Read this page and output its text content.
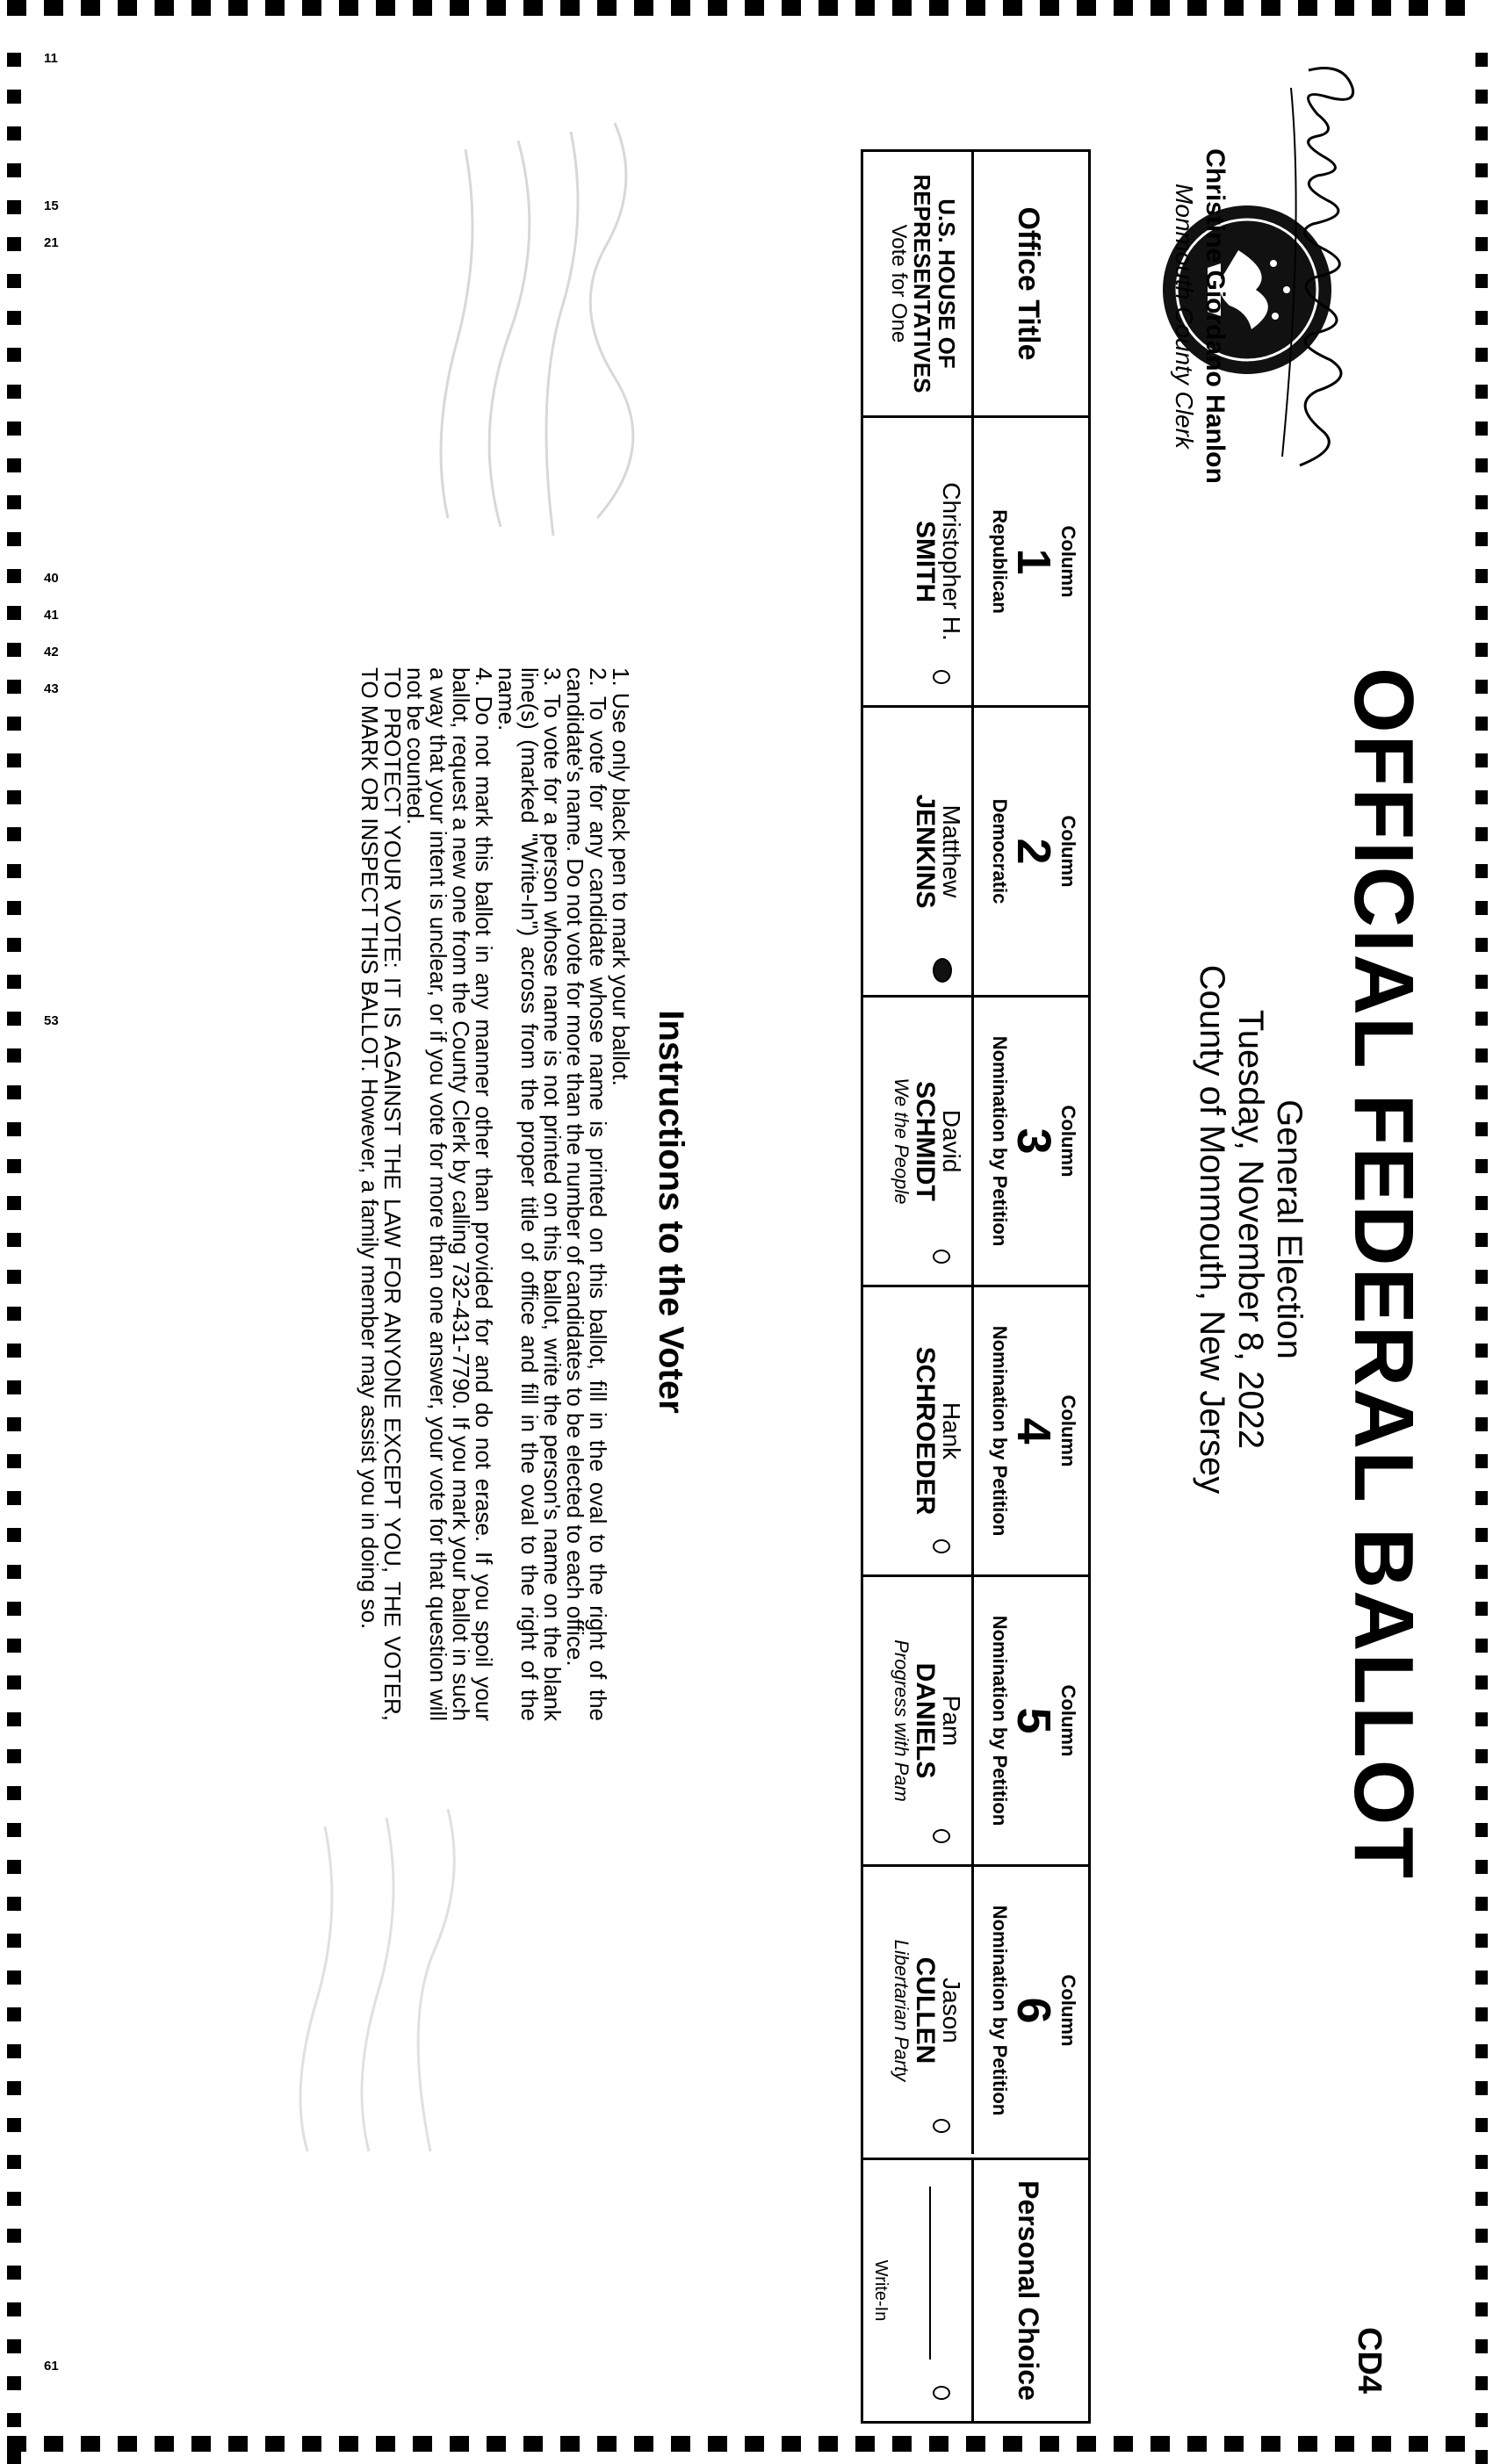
11
15
21
40
41
42
43
53
61
OFFICIAL FEDERAL BALLOT
General Election
Tuesday, November 8, 2022
County of Monmouth, New Jersey
CD4
Christine Giordano Hanlon
Monmouth County Clerk
Office Title
U.S. HOUSE OF REPRESENTATIVES
Vote for One
Column
1
Republican
Christopher H.
SMITH
Column
2
Democratic
Matthew
JENKINS
Column
3
Nomination by Petition
David
SCHMIDT
We the People
Column
4
Nomination by Petition
Hank
SCHROEDER
Column
5
Nomination by Petition
Pam
DANIELS
Progress with Pam
Column
6
Nomination by Petition
Jason
CULLEN
Libertarian Party
Personal Choice
Write-In
Instructions to the Voter

1. Use only black pen to mark your ballot.

2. To vote for any candidate whose name is printed on this ballot, fill in the oval to the right of the candidate's name. Do not vote for more than the number of candidates to be elected to each office.

3. To vote for a person whose name is not printed on this ballot, write the person's name on the blank line(s) (marked "Write-In") across from the proper title of office and fill in the oval to the right of the name.

4. Do not mark this ballot in any manner other than provided for and do not erase. If you spoil your ballot, request a new one from the County Clerk by calling 732-431-7790. If you mark your ballot in such a way that your intent is unclear, or if you vote for more than one answer, your vote for that question will not be counted.

TO PROTECT YOUR VOTE: IT IS AGAINST THE LAW FOR ANYONE EXCEPT YOU, THE VOTER, TO MARK OR INSPECT THIS BALLOT. However, a family member may assist you in doing so.
